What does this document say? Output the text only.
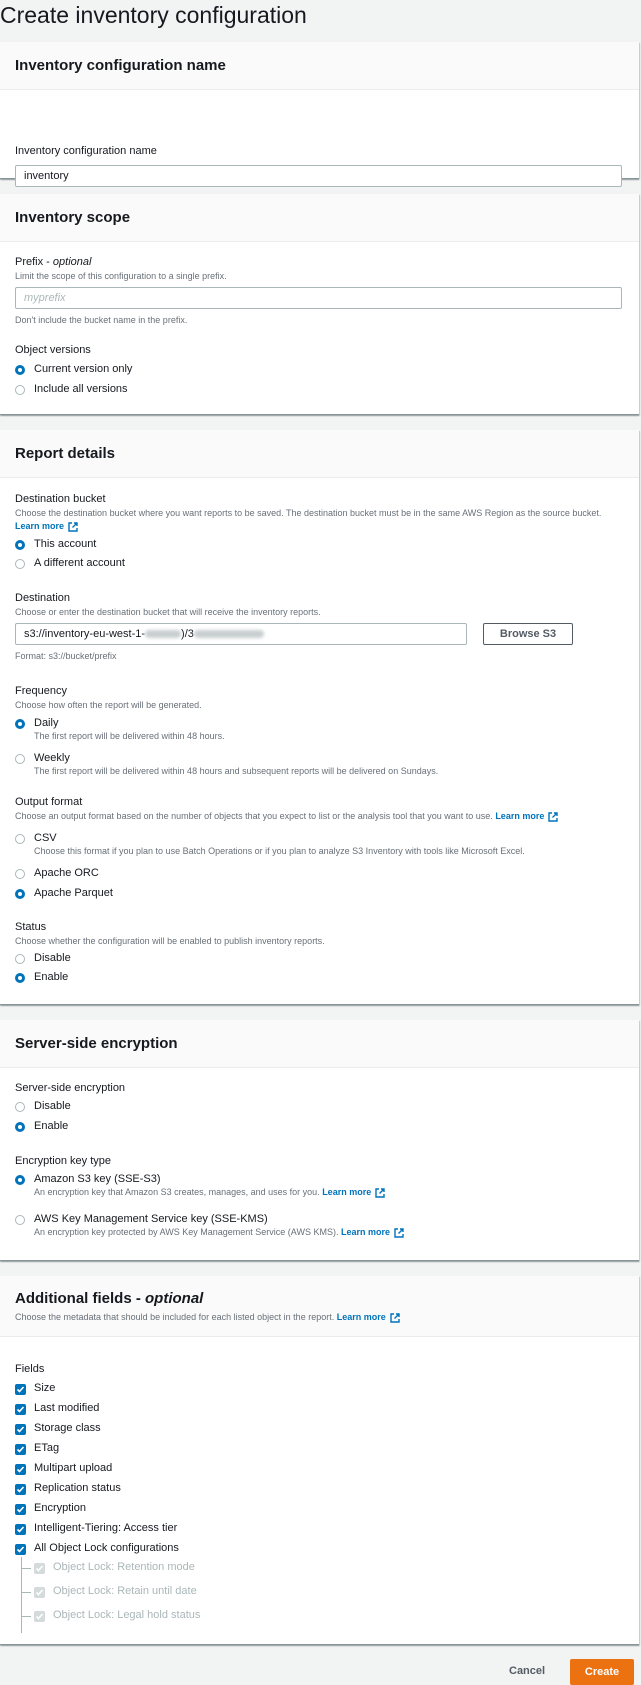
Create inventory configuration
Inventory configuration name
Inventory configuration name
inventory
Inventory scope
Prefix - optional
Limit the scope of this configuration to a single prefix.
myprefix
Don't include the bucket name in the prefix.
Object versions
Current version only
Include all versions
Report details
Destination bucket
Choose the destination bucket where you want reports to be saved. The destination bucket must be in the same AWS Region as the source bucket. Learn more
This account
A different account
Destination
Choose or enter the destination bucket that will receive the inventory reports.
s3://inventory-eu-west-1-	)/3	Browse S3
Format: s3://bucket/prefix
Frequency
Choose how often the report will be generated.
Daily
The first report will be delivered within 48 hours.
Weekly
The first report will be delivered within 48 hours and subsequent reports will be delivered on Sundays.
Output format
Choose an output format based on the number of objects that you expect to list or the analysis tool that you want to use. Learn more
CSV
Choose this format if you plan to use Batch Operations or if you plan to analyze S3 Inventory with tools like Microsoft Excel.
Apache ORC
Apache Parquet
Status
Choose whether the configuration will be enabled to publish inventory reports.
Disable
Enable
Server-side encryption
Server-side encryption
Disable
Enable
Encryption key type
Amazon S3 key (SSE-S3)
An encryption key that Amazon S3 creates, manages, and uses for you. Learn more
AWS Key Management Service key (SSE-KMS)
An encryption key protected by AWS Key Management Service (AWS KMS). Learn more
Additional fields - optional
Choose the metadata that should be included for each listed object in the report. Learn more
Fields
Size
Last modified
Storage class
ETag
Multipart upload
Replication status
Encryption
Intelligent-Tiering: Access tier
All Object Lock configurations
Object Lock: Retention mode
Object Lock: Retain until date
Object Lock: Legal hold status
Cancel	Create
